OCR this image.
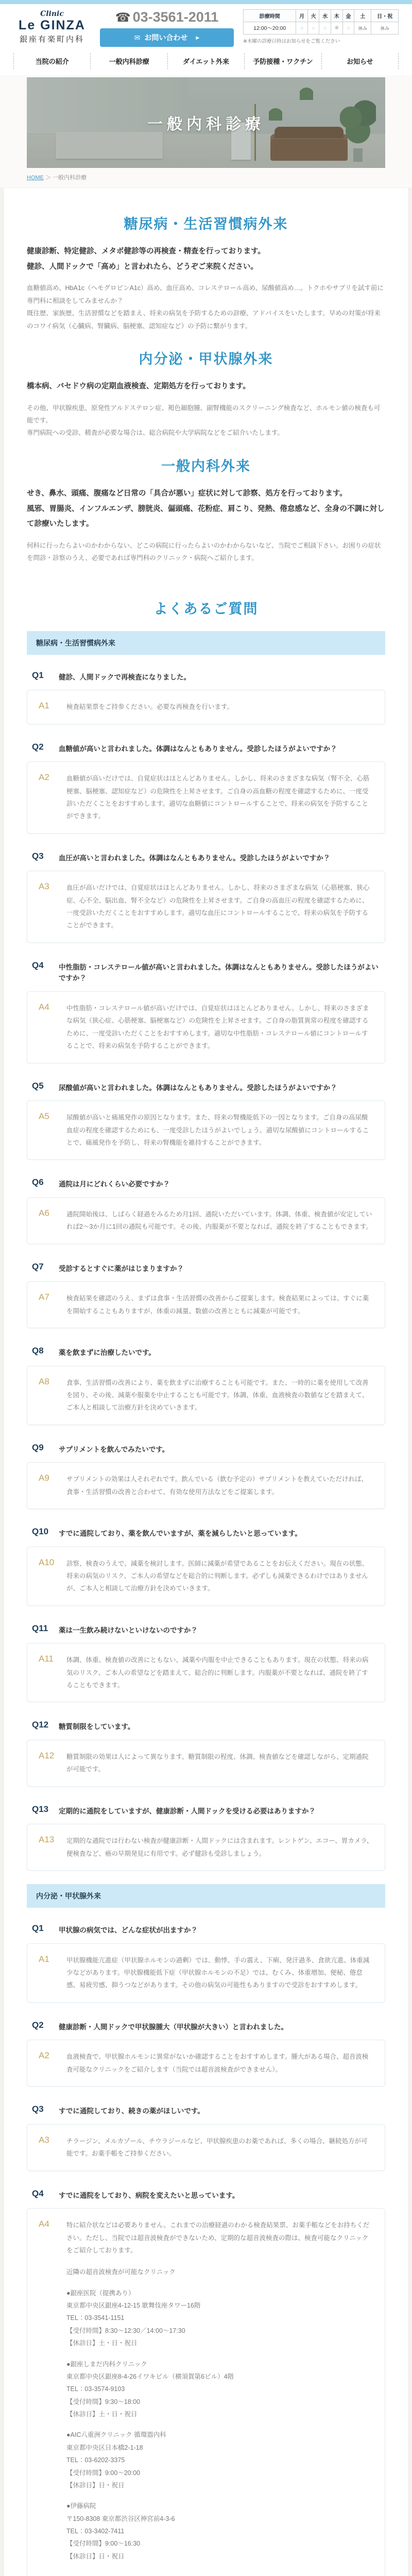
Clinic
Le GINZA
銀座有楽町内科
☎ 03-3561-2011
✉ お問い合わせ ▶
診療時間	月	火	水	木	金	土	日・祝
12:00～20:00	○	○	○	※	○	休み	休み
※木曜の診療日時はお知らせをご覧ください
当院の紹介	一般内科診療	ダイエット外来	予防接種・ワクチン	お知らせ
一般内科診療
HOME ＞ 一般内科診療
糖尿病・生活習慣病外来
健康診断、特定健診、メタボ健診等の再検査・精査を行っております。
健診、人間ドックで「高め」と言われたら、どうぞご来院ください。
血糖値高め、HbA1c（ヘモグロビンA1c）高め、血圧高め、コレステロール高め、尿酸値高め…。トクホやサプリを試す前に専門科に相談をしてみませんか？
既往歴、家族歴、生活習慣などを踏まえ、将来の病気を予防するための診療、アドバイスをいたします。早めの対策が将来のコワイ病気（心臓病、腎臓病、脳梗塞、認知症など）の予防に繋がります。
内分泌・甲状腺外来
橋本病、バセドウ病の定期血液検査、定期処方を行っております。
その他、甲状腺疾患、原発性アルドステロン症、褐色細胞腫、副腎機能のスクリーニング検査など、ホルモン値の検査も可能です。
専門病院への受診、精査が必要な場合は、総合病院や大学病院などをご紹介いたします。
一般内科外来
せき、鼻水、頭痛、腹痛など日常の「具合が悪い」症状に対して診察、処方を行っております。
風邪、胃腸炎、インフルエンザ、膀胱炎、偏頭痛、花粉症、肩こり、発熱、倦怠感など、全身の不調に対して診療いたします。
何科に行ったらよいのかわからない、どこの病院に行ったらよいのかわからないなど、当院でご相談下さい。お困りの症状を問診・診察のうえ、必要であれば専門科のクリニック・病院へご紹介します。
よくあるご質問
糖尿病・生活習慣病外来
Q1	健診、人間ドックで再検査になりました。
A1	検査結果票をご持参ください。必要な再検査を行います。

Q2	血糖値が高いと言われました。体調はなんともありません。受診したほうがよいですか？
A2	血糖値が高いだけでは、自覚症状はほとんどありません。しかし、将来のさまざまな病気（腎不全、心筋梗塞、脳梗塞、認知症など）の危険性を上昇させます。ご自身の高血糖の程度を確認するために、一度受診いただくことをおすすめします。適切な血糖値にコントロールすることで、将来の病気を予防することができます。

Q3	血圧が高いと言われました。体調はなんともありません。受診したほうがよいですか？
A3	血圧が高いだけでは、自覚症状はほとんどありません。しかし、将来のさまざまな病気（心筋梗塞、狭心症、心不全、脳出血、腎不全など）の危険性を上昇させます。ご自身の高血圧の程度を確認するために、一度受診いただくことをおすすめします。適切な血圧にコントロールすることで、将来の病気を予防することができます。

Q4	中性脂肪・コレステロール値が高いと言われました。体調はなんともありません。受診したほうがよいですか？
A4	中性脂肪・コレステロール値が高いだけでは、自覚症状はほとんどありません。しかし、将来のさまざまな病気（狭心症、心筋梗塞、脳梗塞など）の危険性を上昇させます。ご自身の脂質異常の程度を確認するために、一度受診いただくことをおすすめします。適切な中性脂肪・コレステロール値にコントロールすることで、将来の病気を予防することができます。

Q5	尿酸値が高いと言われました。体調はなんともありません。受診したほうがよいですか？
A5	尿酸値が高いと痛風発作の原因となります。また、将来の腎機能低下の一因となります。ご自身の高尿酸血症の程度を確認するためにも、一度受診したほうがよいでしょう。適切な尿酸値にコントロールすることで、痛風発作を予防し、将来の腎機能を維持することができます。

Q6	通院は月にどれくらい必要ですか？
A6	通院開始後は、しばらく経過をみるため月1回、通院いただいています。体調、体重、検査値が安定していれば2～3か月に1回の通院も可能です。その後、内服薬が不要となれば、通院を終了することもできます。

Q7	受診するとすぐに薬がはじまりますか？
A7	検査結果を確認のうえ、まずは食事・生活習慣の改善からご提案します。検査結果によっては、すぐに薬を開始することもありますが、体重の減量、数値の改善とともに減薬が可能です。

Q8	薬を飲まずに治療したいです。
A8	食事、生活習慣の改善により、薬を飲まずに治療することも可能です。また、一時的に薬を使用して改善を図り、その後、減薬や服薬を中止することも可能です。体調、体重、血液検査の数値などを踏まえて、ご本人と相談して治療方針を決めていきます。

Q9	サプリメントを飲んでみたいです。
A9	サプリメントの効果は人それぞれです。飲んでいる（飲む予定の）サプリメントを教えていただければ、食事・生活習慣の改善と合わせて、有効な使用方法などをご提案します。

Q10 すでに通院しており、薬を飲んでいますが、薬を減らしたいと思っています。
A10	診察、検査のうえで、減薬を検討します。医師に減薬が希望であることをお伝えください。現在の状態、将来の病気のリスク、ご本人の希望などを総合的に判断します。必ずしも減薬できるわけではありませんが、ご本人と相談して治療方針を決めていきます。

Q11 薬は一生飲み続けないといけないのですか？
A11	体調、体重、検査値の改善にともない、減薬や内服を中止できることもあります。現在の状態、将来の病気のリスク、ご本人の希望などを踏まえて、総合的に判断します。内服薬が不要となれば、通院を終了することもできます。

Q12 糖質制限をしています。
A12	糖質制限の効果は人によって異なります。糖質制限の程度、体調、検査値などを確認しながら、定期通院が可能です。

Q13 定期的に通院をしていますが、健康診断・人間ドックを受ける必要はありますか？
A13	定期的な通院では行わない検査が健康診断・人間ドックには含まれます。レントゲン、エコー、胃カメラ、便検査など、癌の早期発見に有用です。必ず健診も受診しましょう。

内分泌・甲状腺外来
Q1	甲状腺の病気では、どんな症状が出ますか？
A1	甲状腺機能亢進症（甲状腺ホルモンの過剰）では、動悸、手の震え、下痢、発汗過多、食欲亢進、体重減少などがあります。甲状腺機能低下症（甲状腺ホルモンの不足）では、むくみ、体重増加、便秘、倦怠感、易疲労感、抑うつなどがあります。その他の病気の可能性もありますので受診をおすすめします。

Q2	健康診断・人間ドックで甲状腺腫大（甲状腺が大きい）と言われました。
A2	血液検査で、甲状腺ホルモンに異常がないか確認することをおすすめします。腫大がある場合、超音波検査可能なクリニックをご紹介します（当院では超音波検査ができません）。

Q3	すでに通院しており、続きの薬がほしいです。
A3	チラージン、メルカゾール、チウラジールなど、甲状腺疾患のお薬であれば、多くの場合、継続処方が可能です。お薬手帳をご持参ください。

Q4	すでに通院をしており、病院を変えたいと思っています。
A4	特に紹介状などは必要ありません。これまでの治療経過のわかる検査結果票、お薬手帳などをお持ちください。ただし、当院では超音波検査ができないため、定期的な超音波検査の際は、検査可能なクリニックをご紹介しております。

近隣の超音波検査が可能なクリニック

●銀座医院（提携あり）
東京都中央区銀座4-12-15 歌舞伎座タワー16階
TEL：03-3541-1151
【受付時間】8:30～12:30／14:00～17:30
【休診日】土・日・祝日

●銀座しまだ内科クリニック
東京都中央区銀座8-4-26イワキビル（横須賀第6ビル）4階
TEL：03-3574-9103
【受付時間】9:30～18:00
【休診日】土・日・祝日

●AIC八重洲クリニック 循環器内科
東京都中央区日本橋2-1-18
TEL：03-6202-3375
【受付時間】9:00～20:00
【休診日】日・祝日

●伊藤病院
〒150-8308 東京都渋谷区神宮前4-3-6
TEL：03-3402-7411
【受付時間】9:00～16:30
【休診日】日・祝日
